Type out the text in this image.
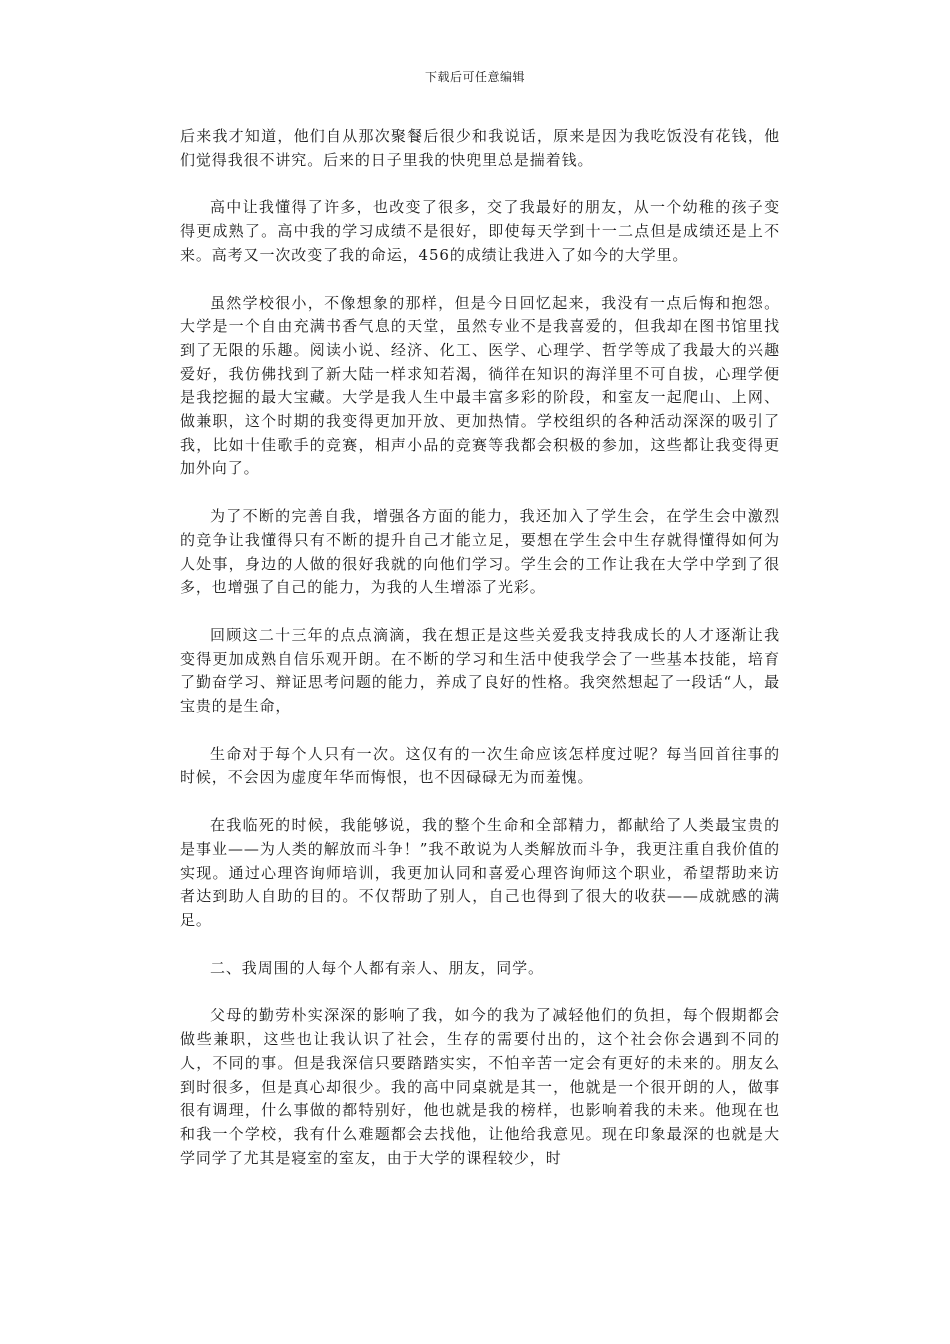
下载后可任意编辑

后来我才知道，他们自从那次聚餐后很少和我说话，原来是因为我吃饭没有花钱，他们觉得我很不讲究。后来的日子里我的快兜里总是揣着钱。

高中让我懂得了许多，也改变了很多，交了我最好的朋友，从一个幼稚的孩子变得更成熟了。高中我的学习成绩不是很好，即使每天学到十一二点但是成绩还是上不来。高考又一次改变了我的命运，456的成绩让我进入了如今的大学里。

虽然学校很小，不像想象的那样，但是今日回忆起来，我没有一点后悔和抱怨。大学是一个自由充满书香气息的天堂，虽然专业不是我喜爱的，但我却在图书馆里找到了无限的乐趣。阅读小说、经济、化工、医学、心理学、哲学等成了我最大的兴趣爱好，我仿佛找到了新大陆一样求知若渴，徜徉在知识的海洋里不可自拔，心理学便是我挖掘的最大宝藏。大学是我人生中最丰富多彩的阶段，和室友一起爬山、上网、做兼职，这个时期的我变得更加开放、更加热情。学校组织的各种活动深深的吸引了我，比如十佳歌手的竞赛，相声小品的竞赛等我都会积极的参加，这些都让我变得更加外向了。

为了不断的完善自我，增强各方面的能力，我还加入了学生会，在学生会中激烈的竞争让我懂得只有不断的提升自己才能立足，要想在学生会中生存就得懂得如何为人处事，身边的人做的很好我就的向他们学习。学生会的工作让我在大学中学到了很多，也增强了自己的能力，为我的人生增添了光彩。

回顾这二十三年的点点滴滴，我在想正是这些关爱我支持我成长的人才逐渐让我变得更加成熟自信乐观开朗。在不断的学习和生活中使我学会了一些基本技能，培育了勤奋学习、辩证思考问题的能力，养成了良好的性格。我突然想起了一段话“人，最宝贵的是生命，

生命对于每个人只有一次。这仅有的一次生命应该怎样度过呢？每当回首往事的时候，不会因为虚度年华而悔恨，也不因碌碌无为而羞愧。

在我临死的时候，我能够说，我的整个生命和全部精力，都献给了人类最宝贵的是事业——为人类的解放而斗争！”我不敢说为人类解放而斗争，我更注重自我价值的实现。通过心理咨询师培训，我更加认同和喜爱心理咨询师这个职业，希望帮助来访者达到助人自助的目的。不仅帮助了别人，自己也得到了很大的收获——成就感的满足。

二、我周围的人每个人都有亲人、朋友，同学。

父母的勤劳朴实深深的影响了我，如今的我为了减轻他们的负担，每个假期都会做些兼职，这些也让我认识了社会，生存的需要付出的，这个社会你会遇到不同的人，不同的事。但是我深信只要踏踏实实，不怕辛苦一定会有更好的未来的。朋友么到时很多，但是真心却很少。我的高中同桌就是其一，他就是一个很开朗的人，做事很有调理，什么事做的都特别好，他也就是我的榜样，也影响着我的未来。他现在也和我一个学校，我有什么难题都会去找他，让他给我意见。现在印象最深的也就是大学同学了尤其是寝室的室友，由于大学的课程较少，时
